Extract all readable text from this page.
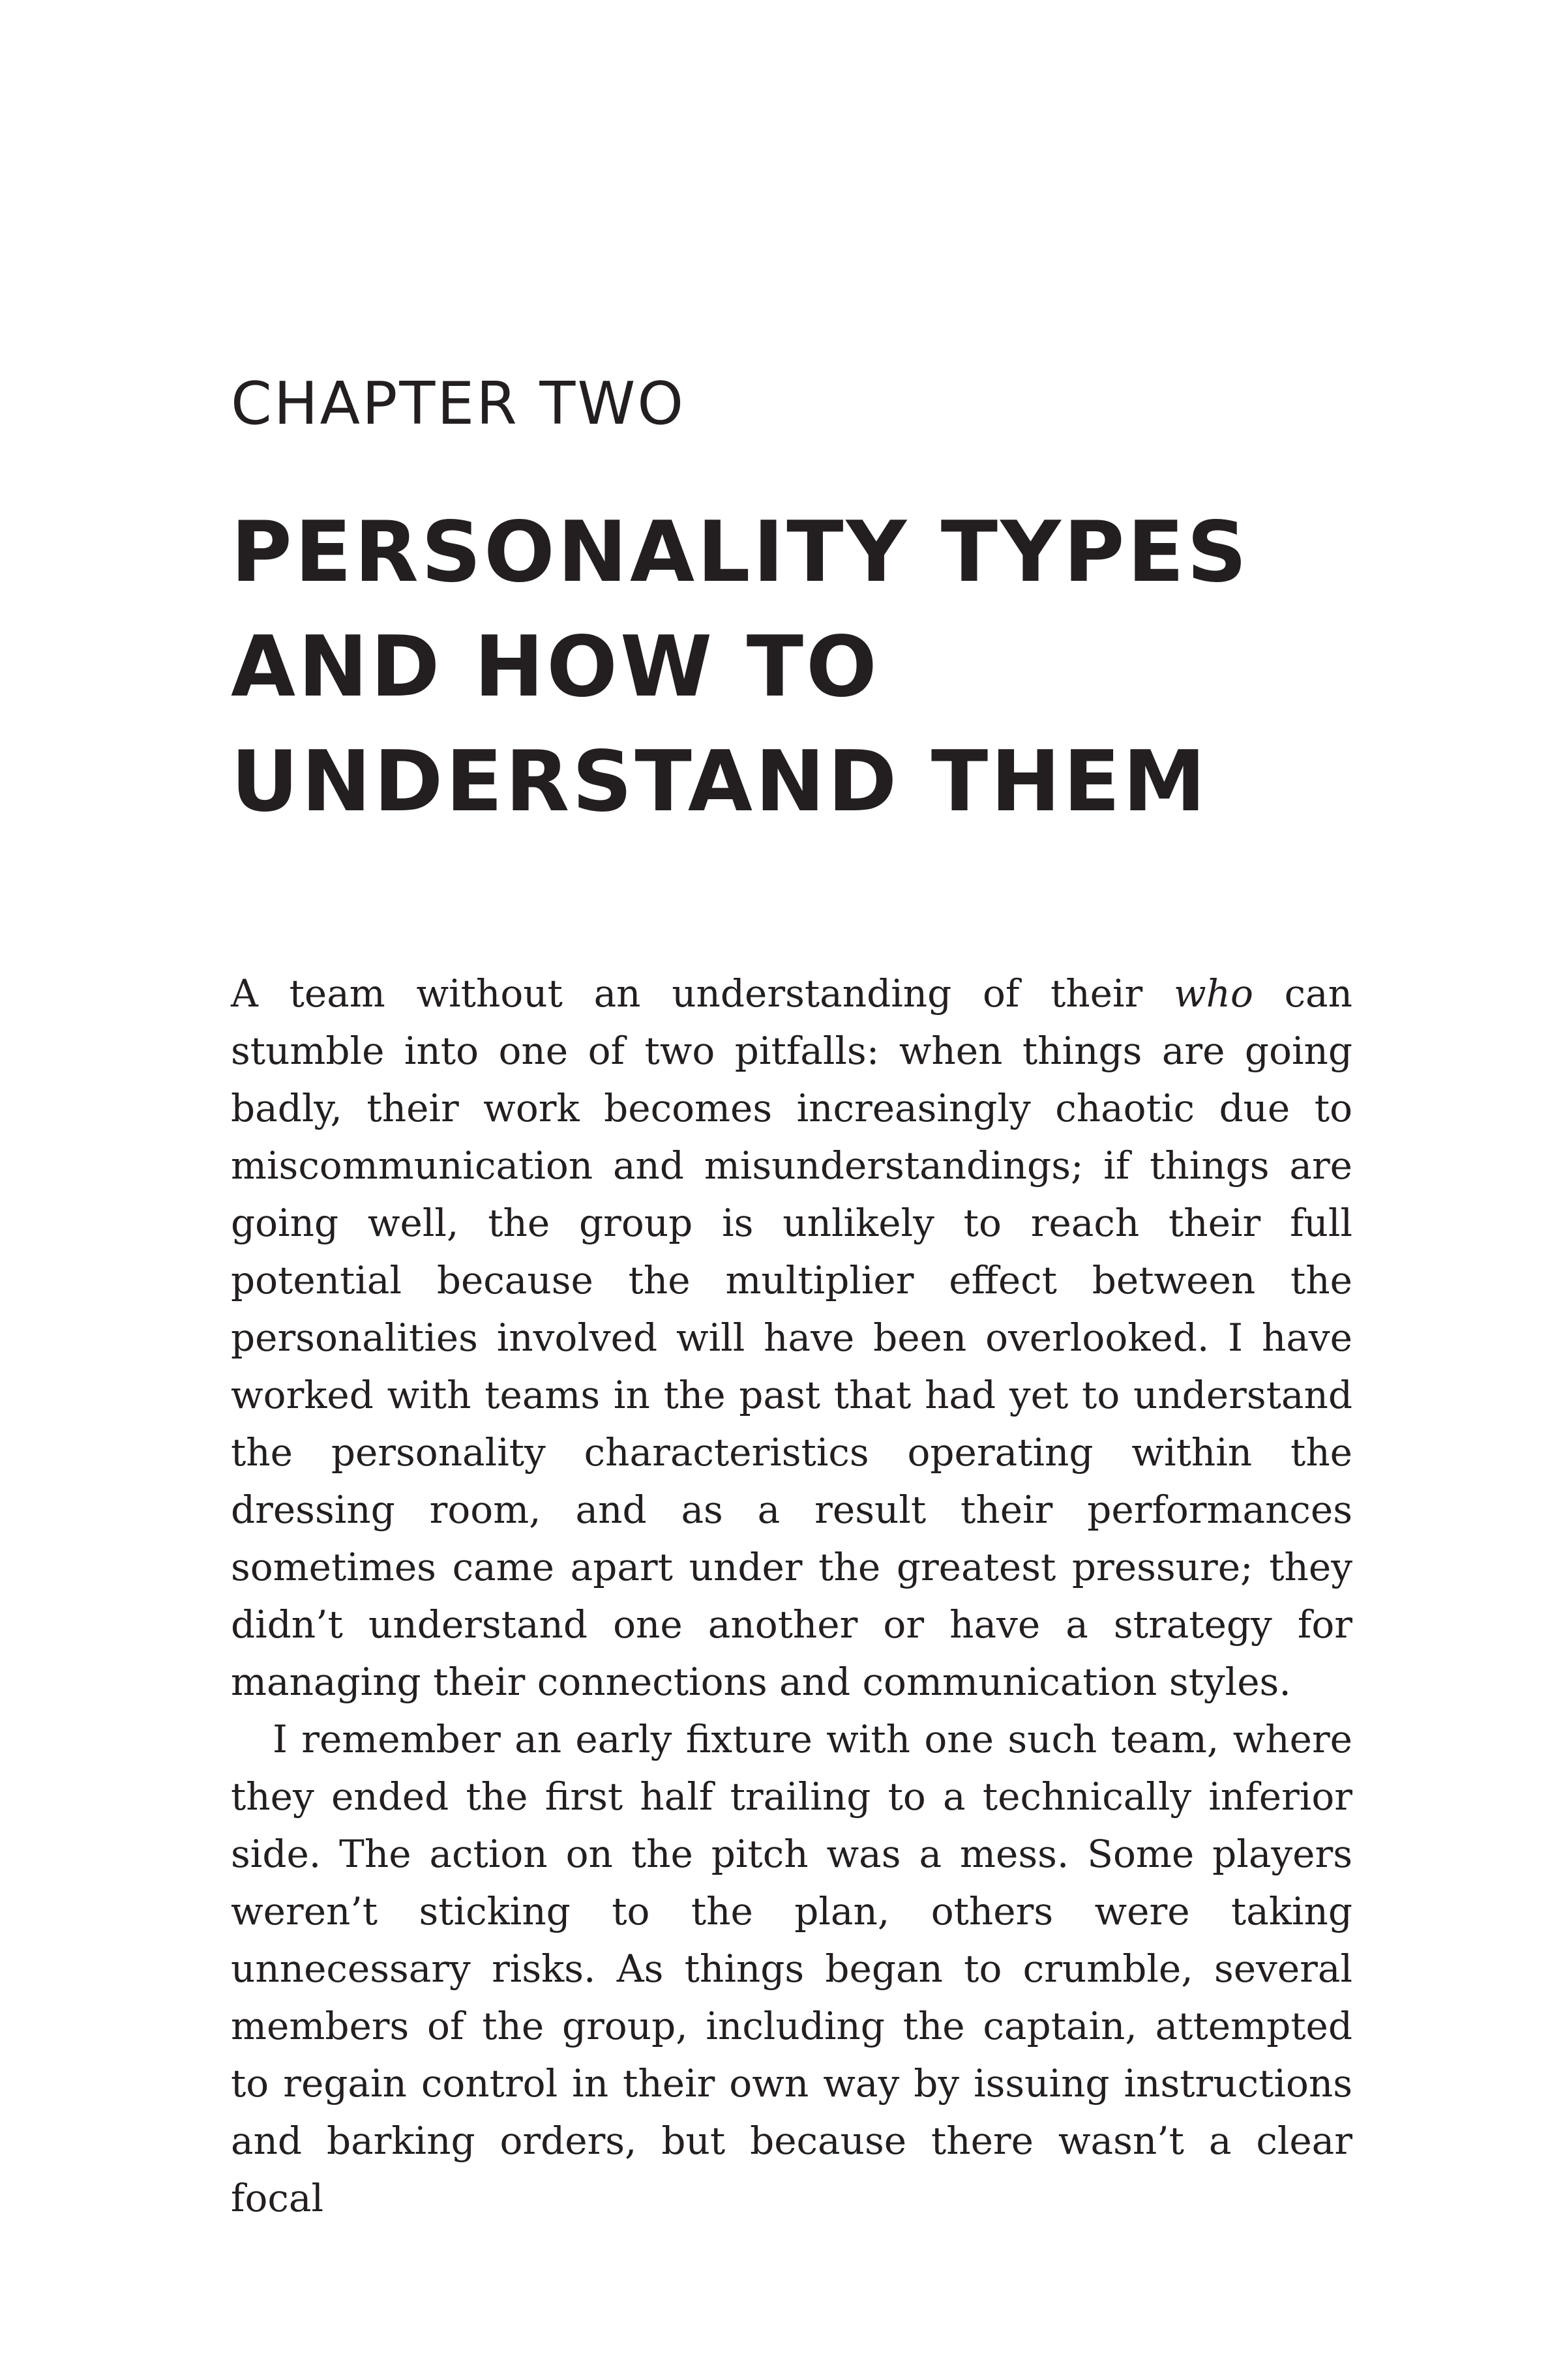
CHAPTER TWO
PERSONALITY TYPES
AND HOW TO
UNDERSTAND THEM

A team without an understanding of their who can stumble into one of two pitfalls: when things are going badly, their work becomes increasingly chaotic due to miscommunication and misunderstandings; if things are going well, the group is unlikely to reach their full potential because the multiplier effect between the personalities involved will have been overlooked. I have worked with teams in the past that had yet to understand the personality characteristics operating within the dressing room, and as a result their performances sometimes came apart under the greatest pressure; they didn’t understand one another or have a strategy for managing their connections and communication styles.

I remember an early fixture with one such team, where they ended the first half trailing to a technically inferior side. The action on the pitch was a mess. Some players weren’t sticking to the plan, others were taking unnecessary risks. As things began to crumble, several members of the group, including the captain, attempted to regain control in their own way by issuing instructions and barking orders, but because there wasn’t a clear focal
